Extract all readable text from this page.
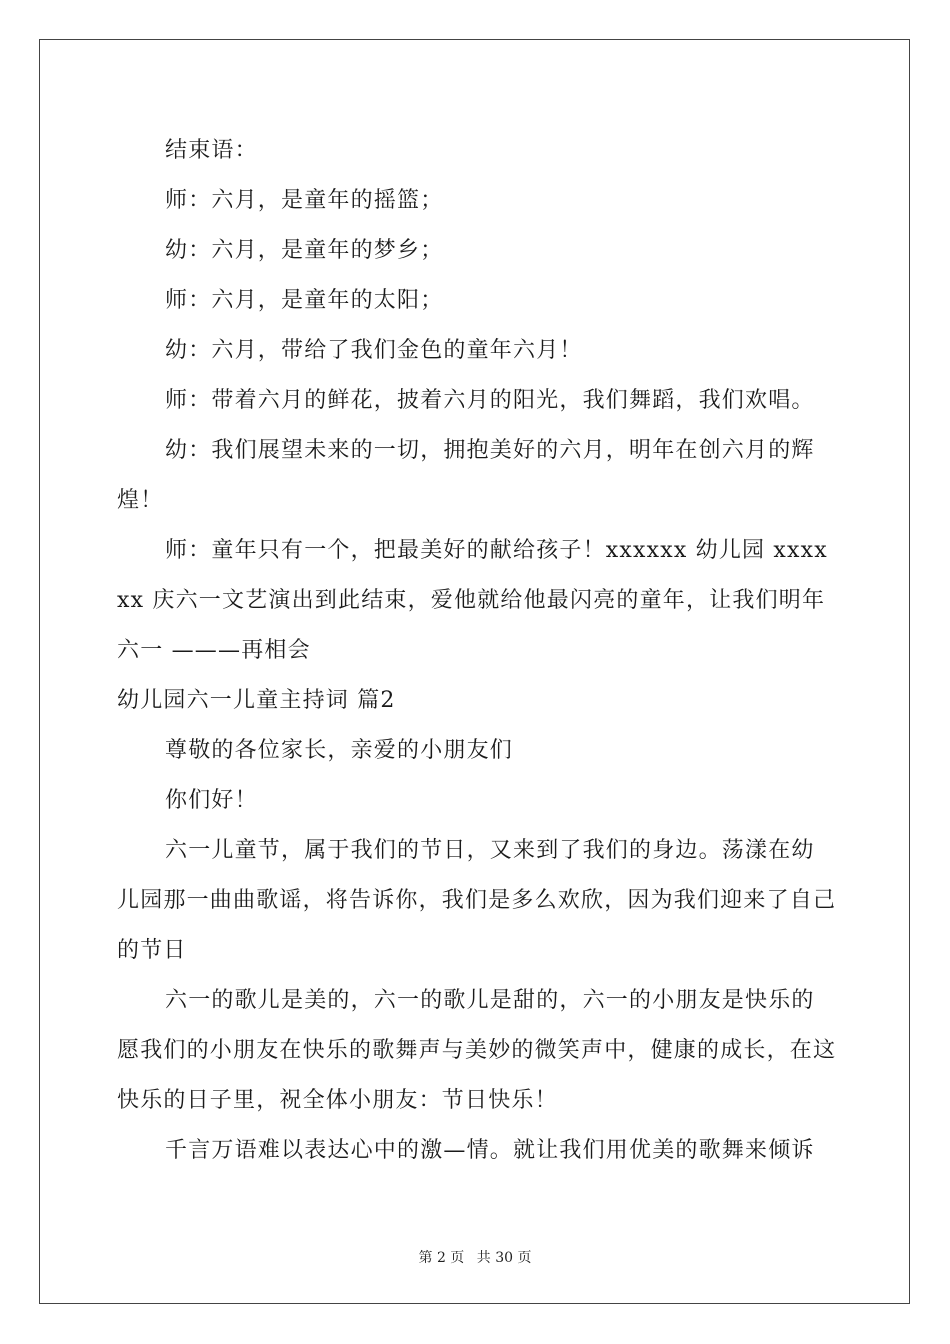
结束语：

师：六月，是童年的摇篮；

幼：六月，是童年的梦乡；

师：六月，是童年的太阳；

幼：六月，带给了我们金色的童年六月！

师：带着六月的鲜花，披着六月的阳光，我们舞蹈，我们欢唱。

幼：我们展望未来的一切，拥抱美好的六月，明年在创六月的辉煌！

师：童年只有一个，把最美好的献给孩子！xxxxxx 幼儿园 xxxxxx 庆六一文艺演出到此结束，爱他就给他最闪亮的童年，让我们明年六一 ———再相会

幼儿园六一儿童主持词 篇2

尊敬的各位家长，亲爱的小朋友们

你们好！

六一儿童节，属于我们的节日，又来到了我们的身边。荡漾在幼儿园那一曲曲歌谣，将告诉你，我们是多么欢欣，因为我们迎来了自己的节日

六一的歌儿是美的，六一的歌儿是甜的，六一的小朋友是快乐的愿我们的小朋友在快乐的歌舞声与美妙的微笑声中，健康的成长，在这快乐的日子里，祝全体小朋友：节日快乐！

千言万语难以表达心中的激—情。就让我们用优美的歌舞来倾诉

第 2 页 共 30 页
